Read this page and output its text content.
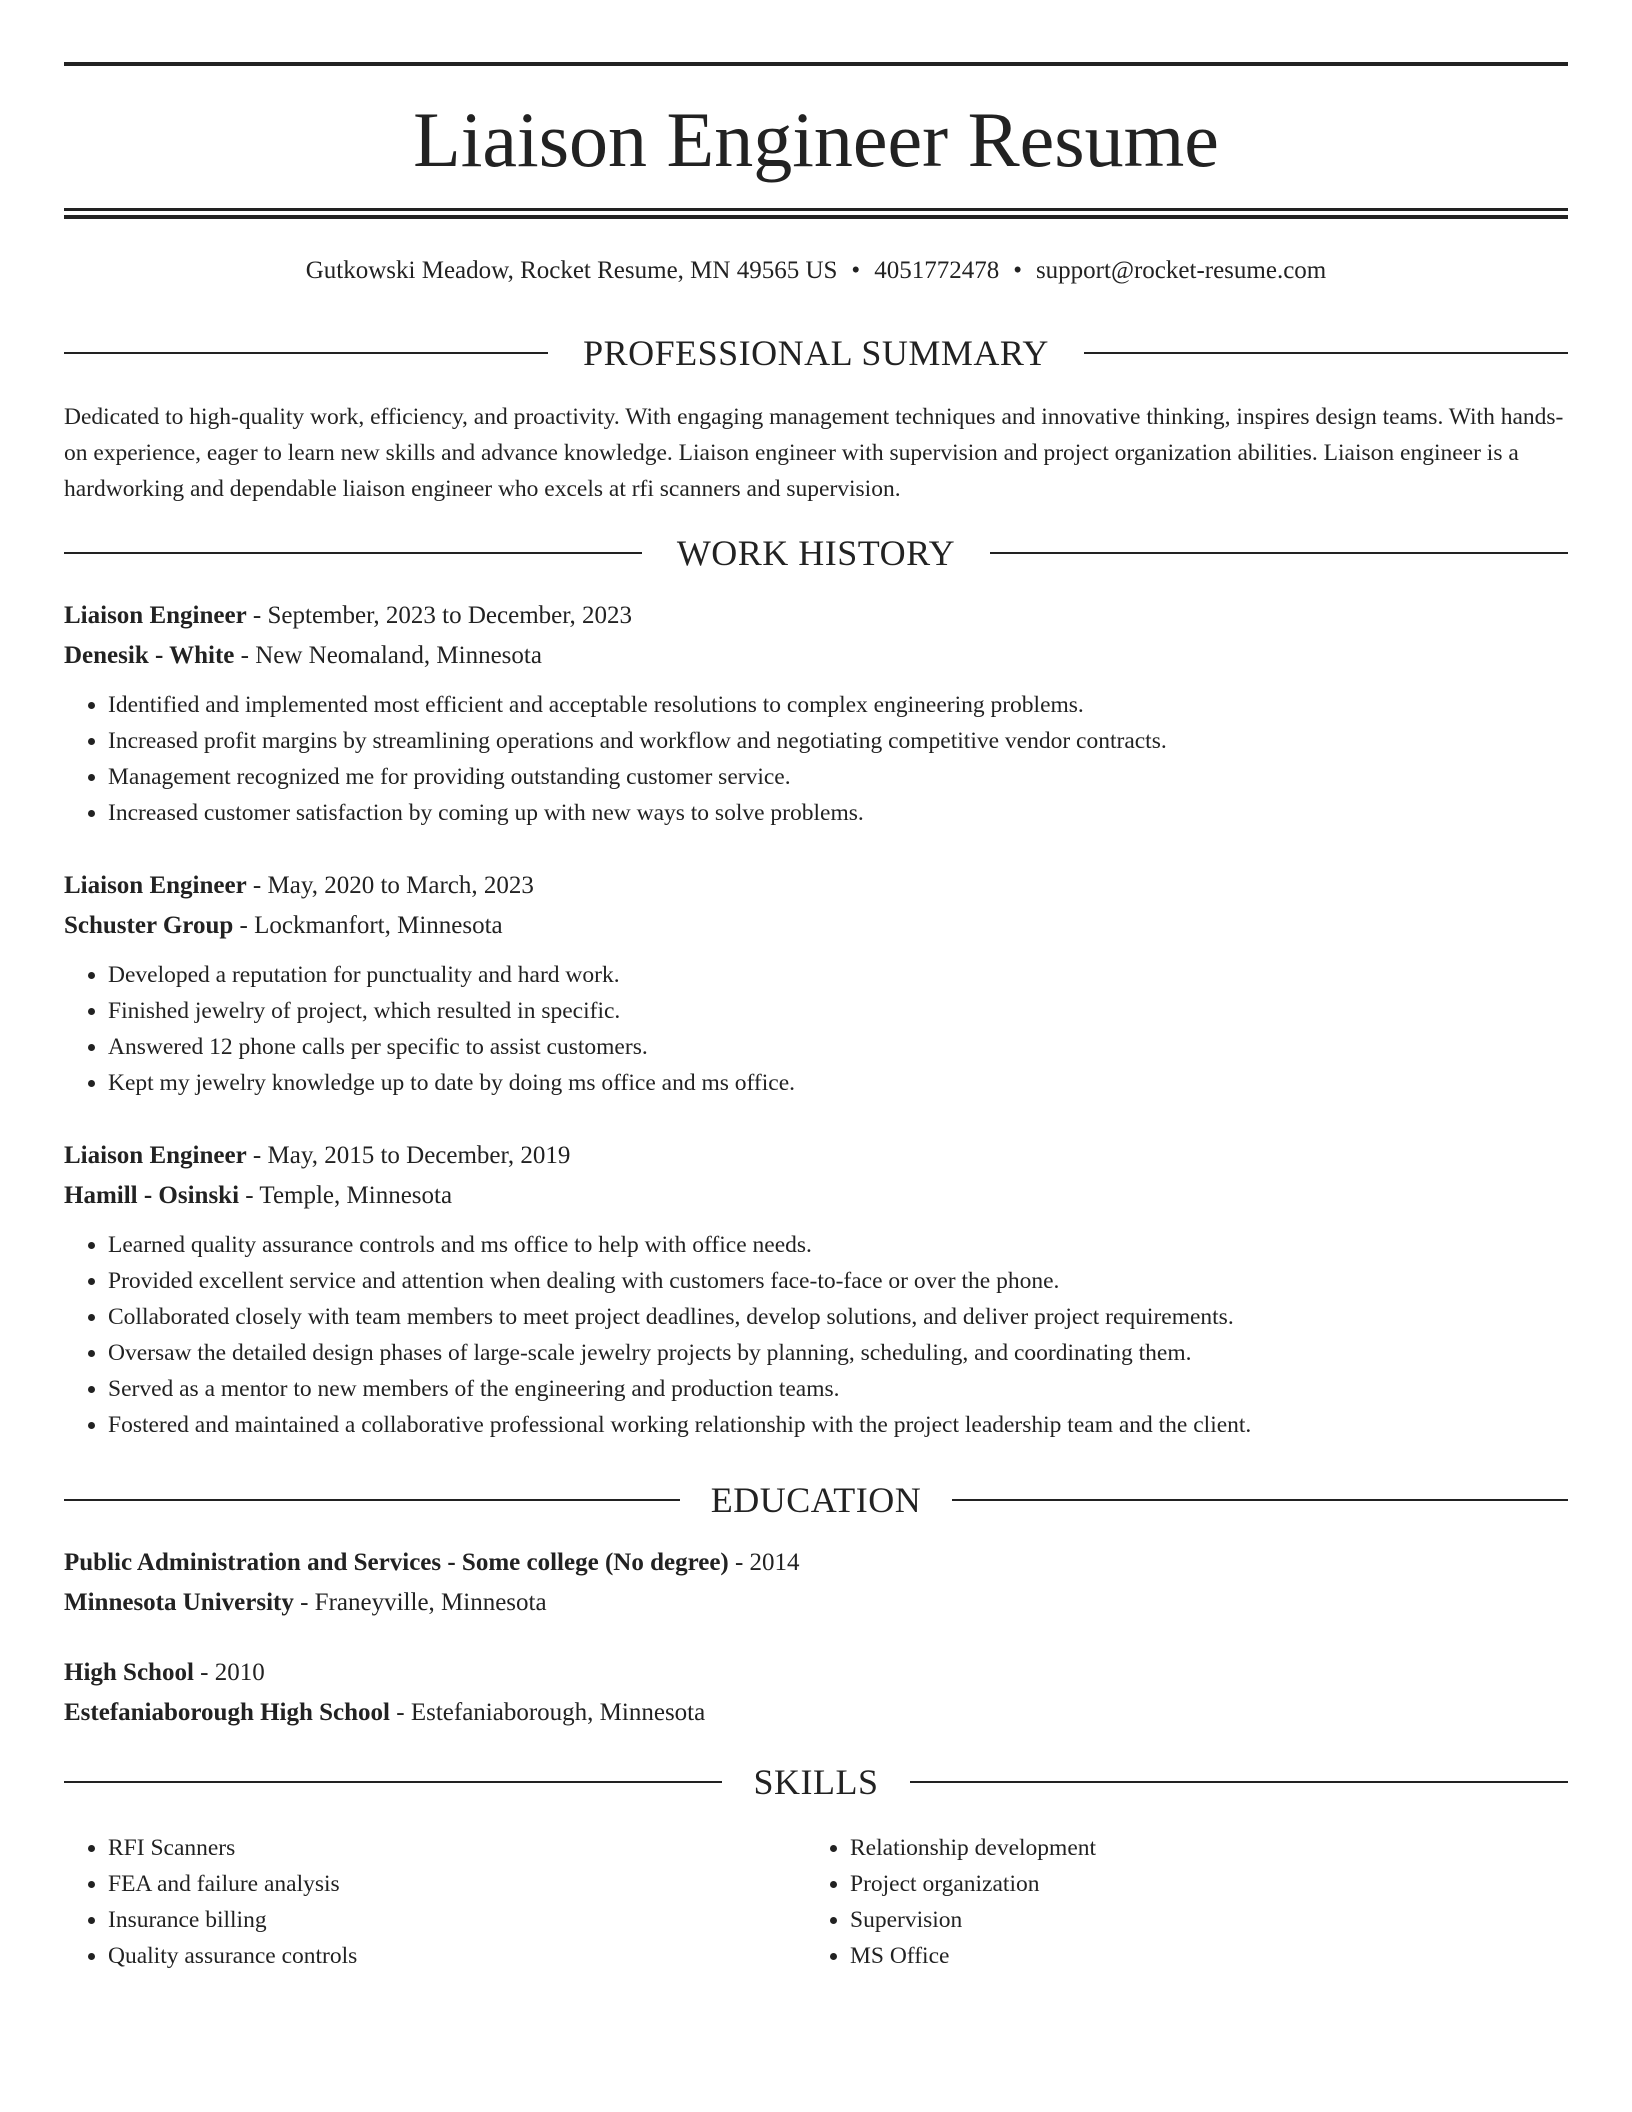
Liaison Engineer Resume
Gutkowski Meadow, Rocket Resume, MN 49565 US • 4051772478 • support@rocket-resume.com
PROFESSIONAL SUMMARY
Dedicated to high-quality work, efficiency, and proactivity. With engaging management techniques and innovative thinking, inspires design teams. With hands-on experience, eager to learn new skills and advance knowledge. Liaison engineer with supervision and project organization abilities. Liaison engineer is a hardworking and dependable liaison engineer who excels at rfi scanners and supervision.
WORK HISTORY
Liaison Engineer - September, 2023 to December, 2023
Denesik - White - New Neomaland, Minnesota
• Identified and implemented most efficient and acceptable resolutions to complex engineering problems.
• Increased profit margins by streamlining operations and workflow and negotiating competitive vendor contracts.
• Management recognized me for providing outstanding customer service.
• Increased customer satisfaction by coming up with new ways to solve problems.
Liaison Engineer - May, 2020 to March, 2023
Schuster Group - Lockmanfort, Minnesota
• Developed a reputation for punctuality and hard work.
• Finished jewelry of project, which resulted in specific.
• Answered 12 phone calls per specific to assist customers.
• Kept my jewelry knowledge up to date by doing ms office and ms office.
Liaison Engineer - May, 2015 to December, 2019
Hamill - Osinski - Temple, Minnesota
• Learned quality assurance controls and ms office to help with office needs.
• Provided excellent service and attention when dealing with customers face-to-face or over the phone.
• Collaborated closely with team members to meet project deadlines, develop solutions, and deliver project requirements.
• Oversaw the detailed design phases of large-scale jewelry projects by planning, scheduling, and coordinating them.
• Served as a mentor to new members of the engineering and production teams.
• Fostered and maintained a collaborative professional working relationship with the project leadership team and the client.
EDUCATION
Public Administration and Services - Some college (No degree) - 2014
Minnesota University - Franeyville, Minnesota
High School - 2010
Estefaniaborough High School - Estefaniaborough, Minnesota
SKILLS
• RFI Scanners
• FEA and failure analysis
• Insurance billing
• Quality assurance controls
• Relationship development
• Project organization
• Supervision
• MS Office
